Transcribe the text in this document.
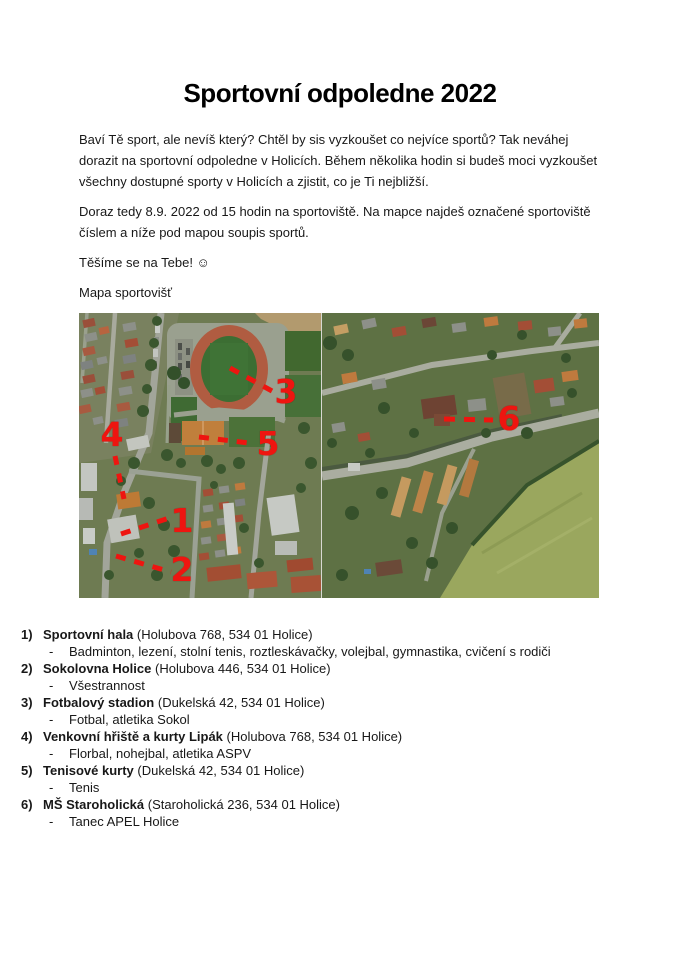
Sportovní odpoledne 2022

Baví Tě sport, ale nevíš který? Chtěl by sis vyzkoušet co nejvíce sportů? Tak neváhej dorazit na sportovní odpoledne v Holicích. Během několika hodin si budeš moci vyzkoušet všechny dostupné sporty v Holicích a zjistit, co je Ti nejbližší.

Doraz tedy 8.9. 2022 od 15 hodin na sportoviště. Na mapce najdeš označené sportoviště číslem a níže pod mapou soupis sportů.

Těšíme se na Tebe! ☺

Mapa sportovišť

1
2
3
4	5
6
1) Sportovní hala (Holubova 768, 534 01 Holice)
-	Badminton, lezení, stolní tenis, roztleskávačky, volejbal, gymnastika, cvičení s rodiči
2) Sokolovna Holice (Holubova 446, 534 01 Holice)
-	Všestrannost
3) Fotbalový stadion (Dukelská 42, 534 01 Holice)
-	Fotbal, atletika Sokol
4) Venkovní hřiště a kurty Lipák (Holubova 768, 534 01 Holice)
-	Florbal, nohejbal, atletika ASPV
5) Tenisové kurty (Dukelská 42, 534 01 Holice)
-	Tenis
6) MŠ Staroholická (Staroholická 236, 534 01 Holice)
-	Tanec APEL Holice
